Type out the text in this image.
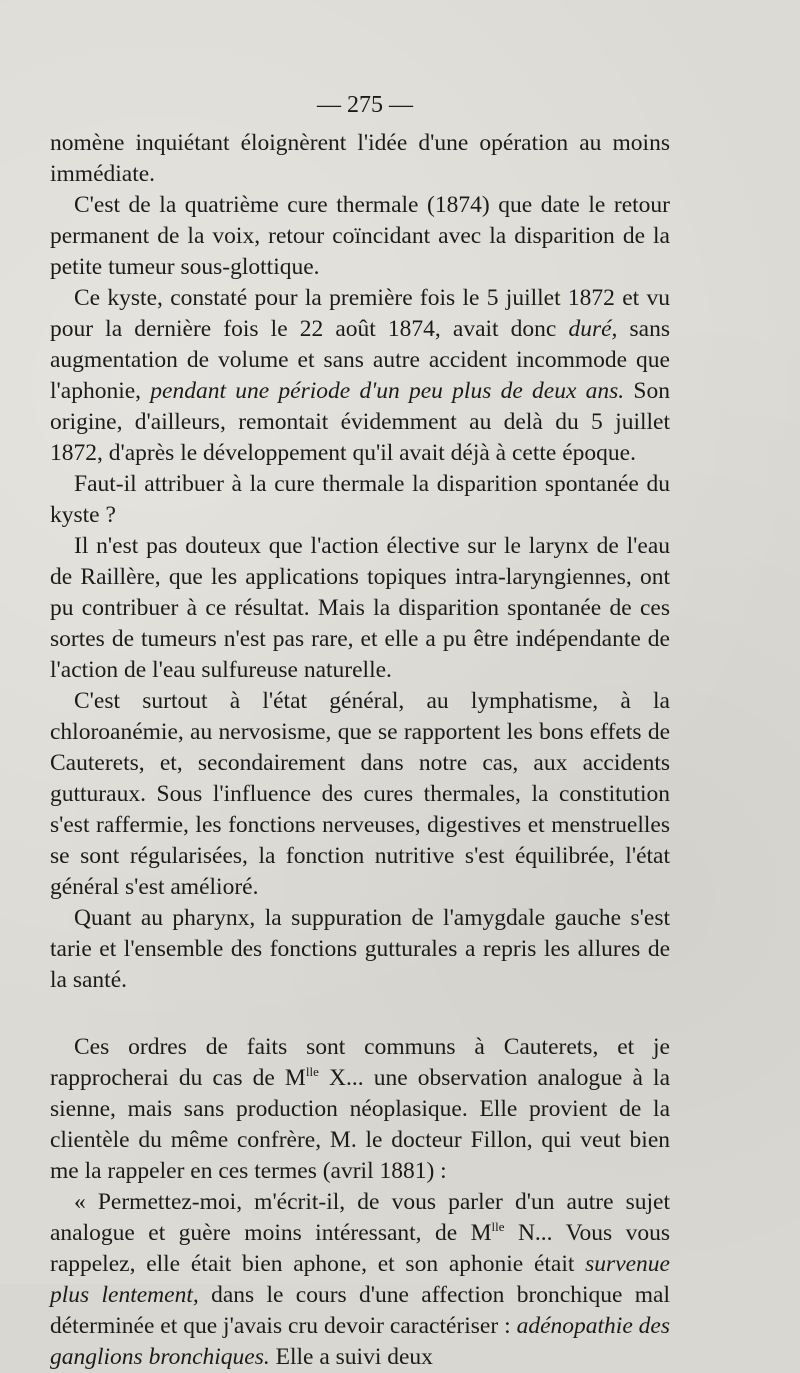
— 275 —

nomène inquiétant éloignèrent l'idée d'une opération au moins immédiate.

C'est de la quatrième cure thermale (1874) que date le retour permanent de la voix, retour coïncidant avec la disparition de la petite tumeur sous-glottique.

Ce kyste, constaté pour la première fois le 5 juillet 1872 et vu pour la dernière fois le 22 août 1874, avait donc duré, sans augmentation de volume et sans autre accident incommode que l'aphonie, pendant une période d'un peu plus de deux ans. Son origine, d'ailleurs, remontait évidemment au delà du 5 juillet 1872, d'après le développement qu'il avait déjà à cette époque.

Faut-il attribuer à la cure thermale la disparition spontanée du kyste ?

Il n'est pas douteux que l'action élective sur le larynx de l'eau de Raillère, que les applications topiques intra-laryngiennes, ont pu contribuer à ce résultat. Mais la disparition spontanée de ces sortes de tumeurs n'est pas rare, et elle a pu être indépendante de l'action de l'eau sulfureuse naturelle.

C'est surtout à l'état général, au lymphatisme, à la chloroanémie, au nervosisme, que se rapportent les bons effets de Cauterets, et, secondairement dans notre cas, aux accidents gutturaux. Sous l'influence des cures thermales, la constitution s'est raffermie, les fonctions nerveuses, digestives et menstruelles se sont régularisées, la fonction nutritive s'est équilibrée, l'état général s'est amélioré.

Quant au pharynx, la suppuration de l'amygdale gauche s'est tarie et l'ensemble des fonctions gutturales a repris les allures de la santé.

Ces ordres de faits sont communs à Cauterets, et je rapprocherai du cas de $M^{lle}$ X... une observation analogue à la sienne, mais sans production néoplasique. Elle provient de la clientèle du même confrère, M. le docteur Fillon, qui veut bien me la rappeler en ces termes (avril 1881) :

« Permettez-moi, m'écrit-il, de vous parler d'un autre sujet analogue et guère moins intéressant, de $M^{lle}$ N... Vous vous rappelez, elle était bien aphone, et son aphonie était survenue plus lentement, dans le cours d'une affection bronchique mal déterminée et que j'avais cru devoir caractériser : adénopathie des ganglions bronchiques. Elle a suivi deux
